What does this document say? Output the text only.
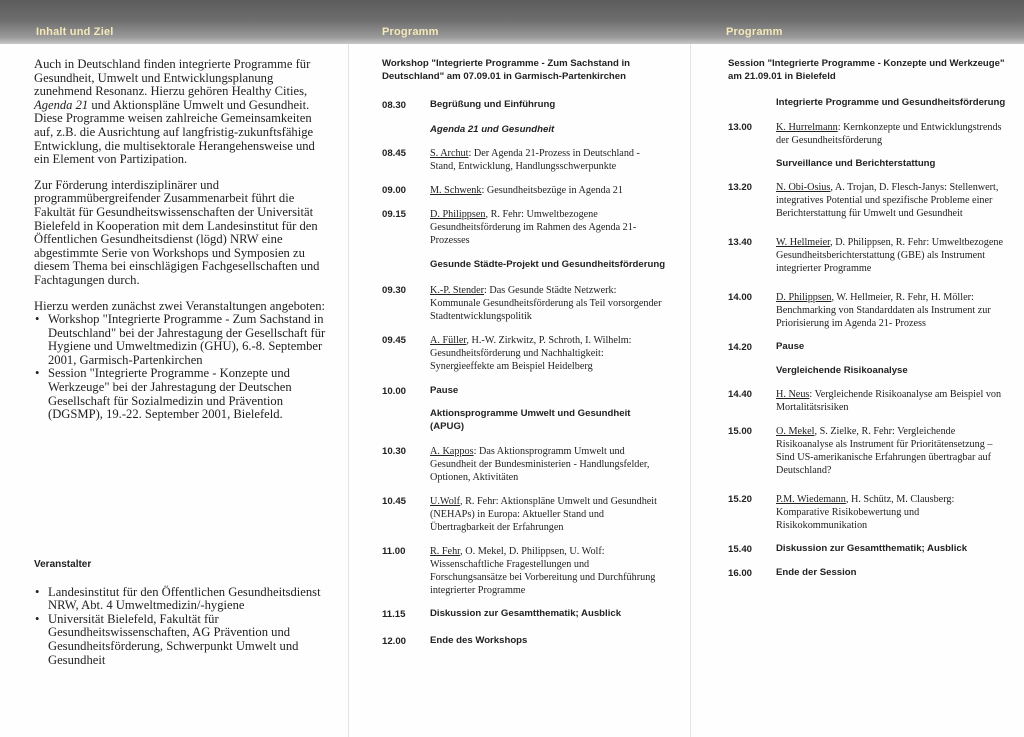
Inhalt und Ziel

Auch in Deutschland finden integrierte Programme für Gesundheit, Umwelt und Entwicklungsplanung zunehmend Resonanz. Hierzu gehören Healthy Cities, Agenda 21 und Aktionspläne Umwelt und Gesundheit. Diese Programme weisen zahlreiche Gemeinsamkeiten auf, z.B. die Ausrichtung auf langfristig-zukunftsfähige Entwicklung, die multisektorale Herangehensweise und ein Element von Partizipation.

Zur Förderung interdisziplinärer und programmübergreifender Zusammenarbeit führt die Fakultät für Gesundheitswissenschaften der Universität Bielefeld in Kooperation mit dem Landesinstitut für den Öffentlichen Gesundheitsdienst (lögd) NRW eine abgestimmte Serie von Workshops und Symposien zu diesem Thema bei einschlägigen Fachgesellschaften und Fachtagungen durch.

Hierzu werden zunächst zwei Veranstaltungen angeboten:

• Workshop "Integrierte Programme - Zum Sachstand in Deutschland" bei der Jahrestagung der Gesellschaft für Hygiene und Umweltmedizin (GHU), 6.-8. September 2001, Garmisch-Partenkirchen
• Session "Integrierte Programme - Konzepte und Werkzeuge" bei der Jahrestagung der Deutschen Gesellschaft für Sozialmedizin und Prävention (DGSMP), 19.-22. September 2001, Bielefeld.
Veranstalter
• Landesinstitut für den Öffentlichen Gesundheitsdienst NRW, Abt. 4 Umweltmedizin/-hygiene
• Universität Bielefeld, Fakultät für Gesundheitswissenschaften, AG Prävention und Gesundheitsförderung, Schwerpunkt Umwelt und Gesundheit
Programm
Workshop "Integrierte Programme - Zum Sachstand in Deutschland" am 07.09.01 in Garmisch-Partenkirchen
08.30	Begrüßung und Einführung
Agenda 21 und Gesundheit
08.45	S. Archut: Der Agenda 21-Prozess in Deutschland - Stand, Entwicklung, Handlungsschwerpunkte
09.00	M. Schwenk: Gesundheitsbezüge in Agenda 21
09.15	D. Philippsen, R. Fehr: Umweltbezogene Gesundheitsförderung im Rahmen des Agenda 21-Prozesses
Gesunde Städte-Projekt und Gesundheitsförderung
09.30	K.-P. Stender: Das Gesunde Städte Netzwerk: Kommunale Gesundheitsförderung als Teil vorsorgender Stadtentwicklungspolitik
09.45	A. Füller, H.-W. Zirkwitz, P. Schroth, I. Wilhelm: Gesundheitsförderung und Nachhaltigkeit: Synergieeffekte am Beispiel Heidelberg
10.00	Pause
Aktionsprogramme Umwelt und Gesundheit (APUG)
10.30	A. Kappos: Das Aktionsprogramm Umwelt und Gesundheit der Bundesministerien - Handlungsfelder, Optionen, Aktivitäten
10.45	U.Wolf, R. Fehr: Aktionspläne Umwelt und Gesundheit (NEHAPs) in Europa: Aktueller Stand und Übertragbarkeit der Erfahrungen
11.00	R. Fehr, O. Mekel, D. Philippsen, U. Wolf: Wissenschaftliche Fragestellungen und Forschungsansätze bei Vorbereitung und Durchführung integrierter Programme
11.15	Diskussion zur Gesamtthematik; Ausblick
12.00	Ende des Workshops
Programm
Session "Integrierte Programme - Konzepte und Werkzeuge" am 21.09.01 in Bielefeld
Integrierte Programme und Gesundheitsförderung
13.00	K. Hurrelmann: Kernkonzepte und Entwicklungstrends der Gesundheitsförderung
Surveillance und Berichterstattung
13.20	N. Obi-Osius, A. Trojan, D. Flesch-Janys: Stellenwert, integratives Potential und spezifische Probleme einer Berichterstattung für Umwelt und Gesundheit
13.40	W. Hellmeier, D. Philippsen, R. Fehr: Umweltbezogene Gesundheitsberichterstattung (GBE) als Instrument integrierter Programme
14.00	D. Philippsen, W. Hellmeier, R. Fehr, H. Möller: Benchmarking von Standarddaten als Instrument zur Priorisierung im Agenda 21- Prozess
14.20	Pause
Vergleichende Risikoanalyse
14.40	H. Neus: Vergleichende Risikoanalyse am Beispiel von Mortalitätsrisiken
15.00	O. Mekel, S. Zielke, R. Fehr: Vergleichende Risikoanalyse als Instrument für Prioritätensetzung – Sind US-amerikanische Erfahrungen übertragbar auf Deutschland?
15.20	P.M. Wiedemann, H. Schütz, M. Clausberg: Komparative Risikobewertung und Risikokommunikation
15.40	Diskussion zur Gesamtthematik; Ausblick
16.00	Ende der Session
